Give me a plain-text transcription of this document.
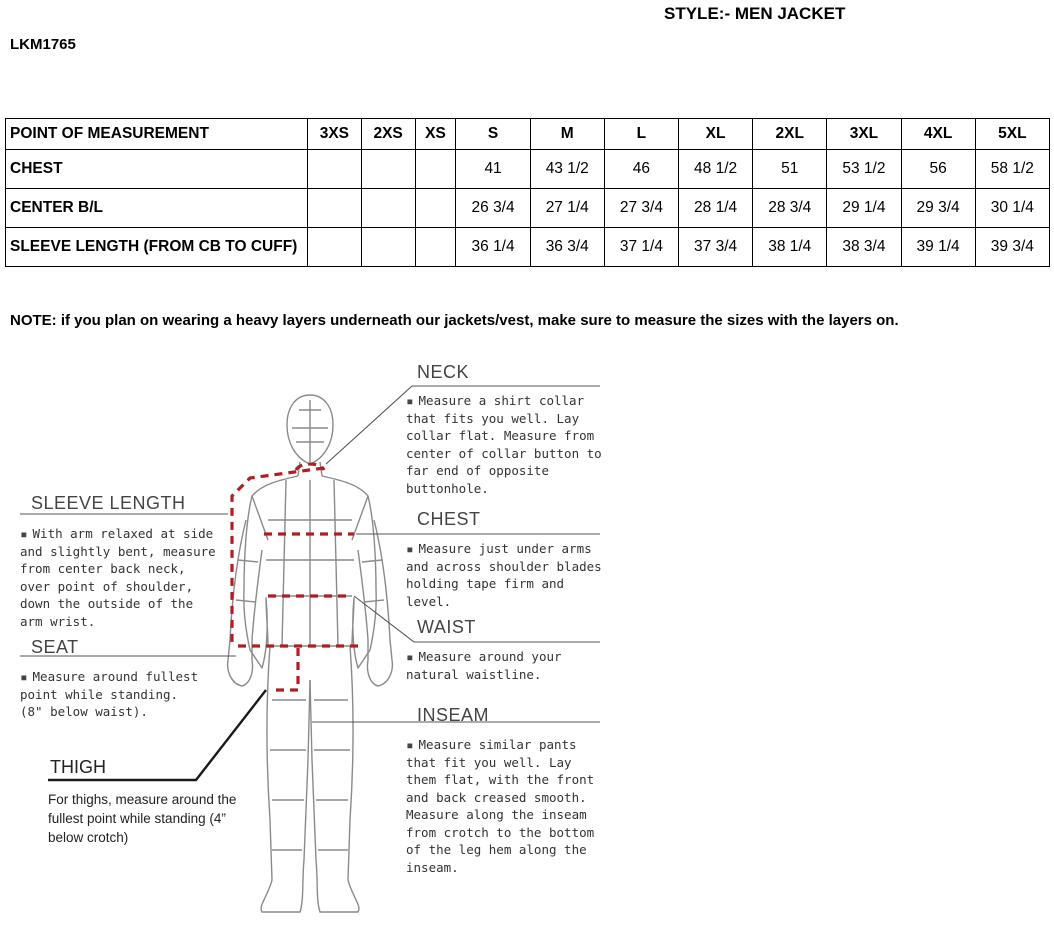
STYLE:- MEN JACKET
LKM1765
POINT OF MEASUREMENT	3XS	2XS	XS	S	M	L	XL	2XL	3XL	4XL	5XL
CHEST				41	43 1/2	46	48 1/2	51	53 1/2	56	58 1/2
CENTER B/L				26 3/4	27 1/4	27 3/4	28 1/4	28 3/4	29 1/4	29 3/4	30 1/4
SLEEVE LENGTH (FROM CB TO CUFF)				36 1/4	36 3/4	37 1/4	37 3/4	38 1/4	38 3/4	39 1/4	39 3/4
NOTE: if you plan on wearing a heavy layers underneath our jackets/vest, make sure to measure the sizes with the layers on.
NECK
▪ Measure a shirt collar that fits you well. Lay collar flat. Measure from center of collar button to far end of opposite buttonhole.
CHEST
▪ Measure just under arms and across shoulder blades holding tape firm and level.
WAIST
▪ Measure around your natural waistline.
INSEAM
▪ Measure similar pants that fit you well. Lay them flat, with the front and back creased smooth. Measure along the inseam from crotch to the bottom of the leg hem along the inseam.
SLEEVE LENGTH
▪ With arm relaxed at side and slightly bent, measure from center back neck, over point of shoulder, down the outside of the arm wrist.
SEAT
▪ Measure around fullest point while standing. (8" below waist).
THIGH
For thighs, measure around the fullest point while standing (4” below crotch)
